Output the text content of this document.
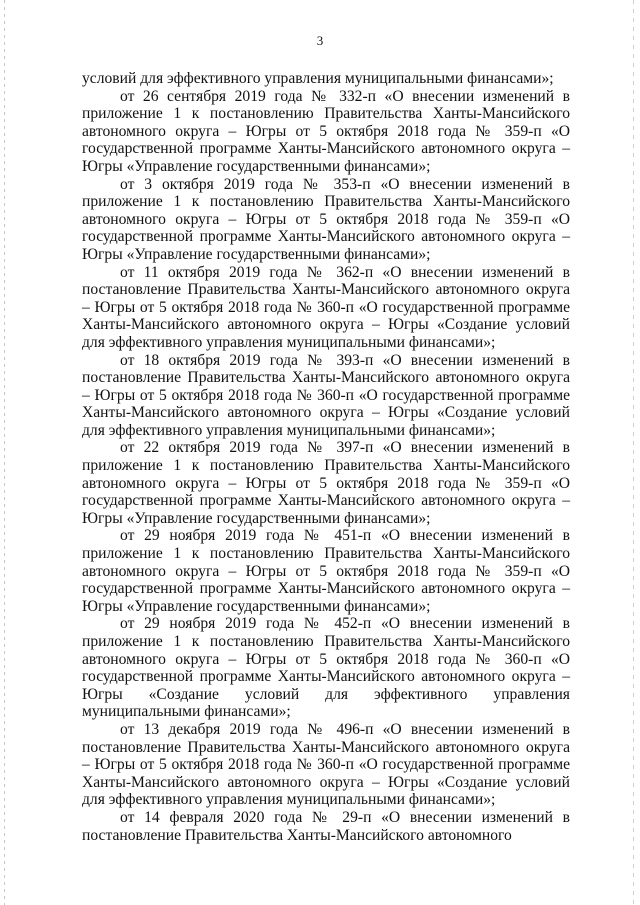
3

условий для эффективного управления муниципальными финансами»;

от 26 сентября 2019 года № 332-п «О внесении изменений в приложение 1 к постановлению Правительства Ханты-Мансийского автономного округа – Югры от 5 октября 2018 года № 359-п «О государственной программе Ханты-Мансийского автономного округа – Югры «Управление государственными финансами»;

от 3 октября 2019 года № 353-п «О внесении изменений в приложение 1 к постановлению Правительства Ханты-Мансийского автономного округа – Югры от 5 октября 2018 года № 359-п «О государственной программе Ханты-Мансийского автономного округа – Югры «Управление государственными финансами»;

от 11 октября 2019 года № 362-п «О внесении изменений в постановление Правительства Ханты-Мансийского автономного округа – Югры от 5 октября 2018 года № 360-п «О государственной программе Ханты-Мансийского автономного округа – Югры «Создание условий для эффективного управления муниципальными финансами»;

от 18 октября 2019 года № 393-п «О внесении изменений в постановление Правительства Ханты-Мансийского автономного округа – Югры от 5 октября 2018 года № 360-п «О государственной программе Ханты-Мансийского автономного округа – Югры «Создание условий для эффективного управления муниципальными финансами»;

от 22 октября 2019 года № 397-п «О внесении изменений в приложение 1 к постановлению Правительства Ханты-Мансийского автономного округа – Югры от 5 октября 2018 года № 359-п «О государственной программе Ханты-Мансийского автономного округа – Югры «Управление государственными финансами»;

от 29 ноября 2019 года № 451-п «О внесении изменений в приложение 1 к постановлению Правительства Ханты-Мансийского автономного округа – Югры от 5 октября 2018 года № 359-п «О государственной программе Ханты-Мансийского автономного округа – Югры «Управление государственными финансами»;

от 29 ноября 2019 года № 452-п «О внесении изменений в приложение 1 к постановлению Правительства Ханты-Мансийского автономного округа – Югры от 5 октября 2018 года № 360-п «О государственной программе Ханты-Мансийского автономного округа – Югры «Создание условий для эффективного управления муниципальными финансами»;

от 13 декабря 2019 года № 496-п «О внесении изменений в постановление Правительства Ханты-Мансийского автономного округа – Югры от 5 октября 2018 года № 360-п «О государственной программе Ханты-Мансийского автономного округа – Югры «Создание условий для эффективного управления муниципальными финансами»;

от 14 февраля 2020 года № 29-п «О внесении изменений в постановление Правительства Ханты-Мансийского автономного
